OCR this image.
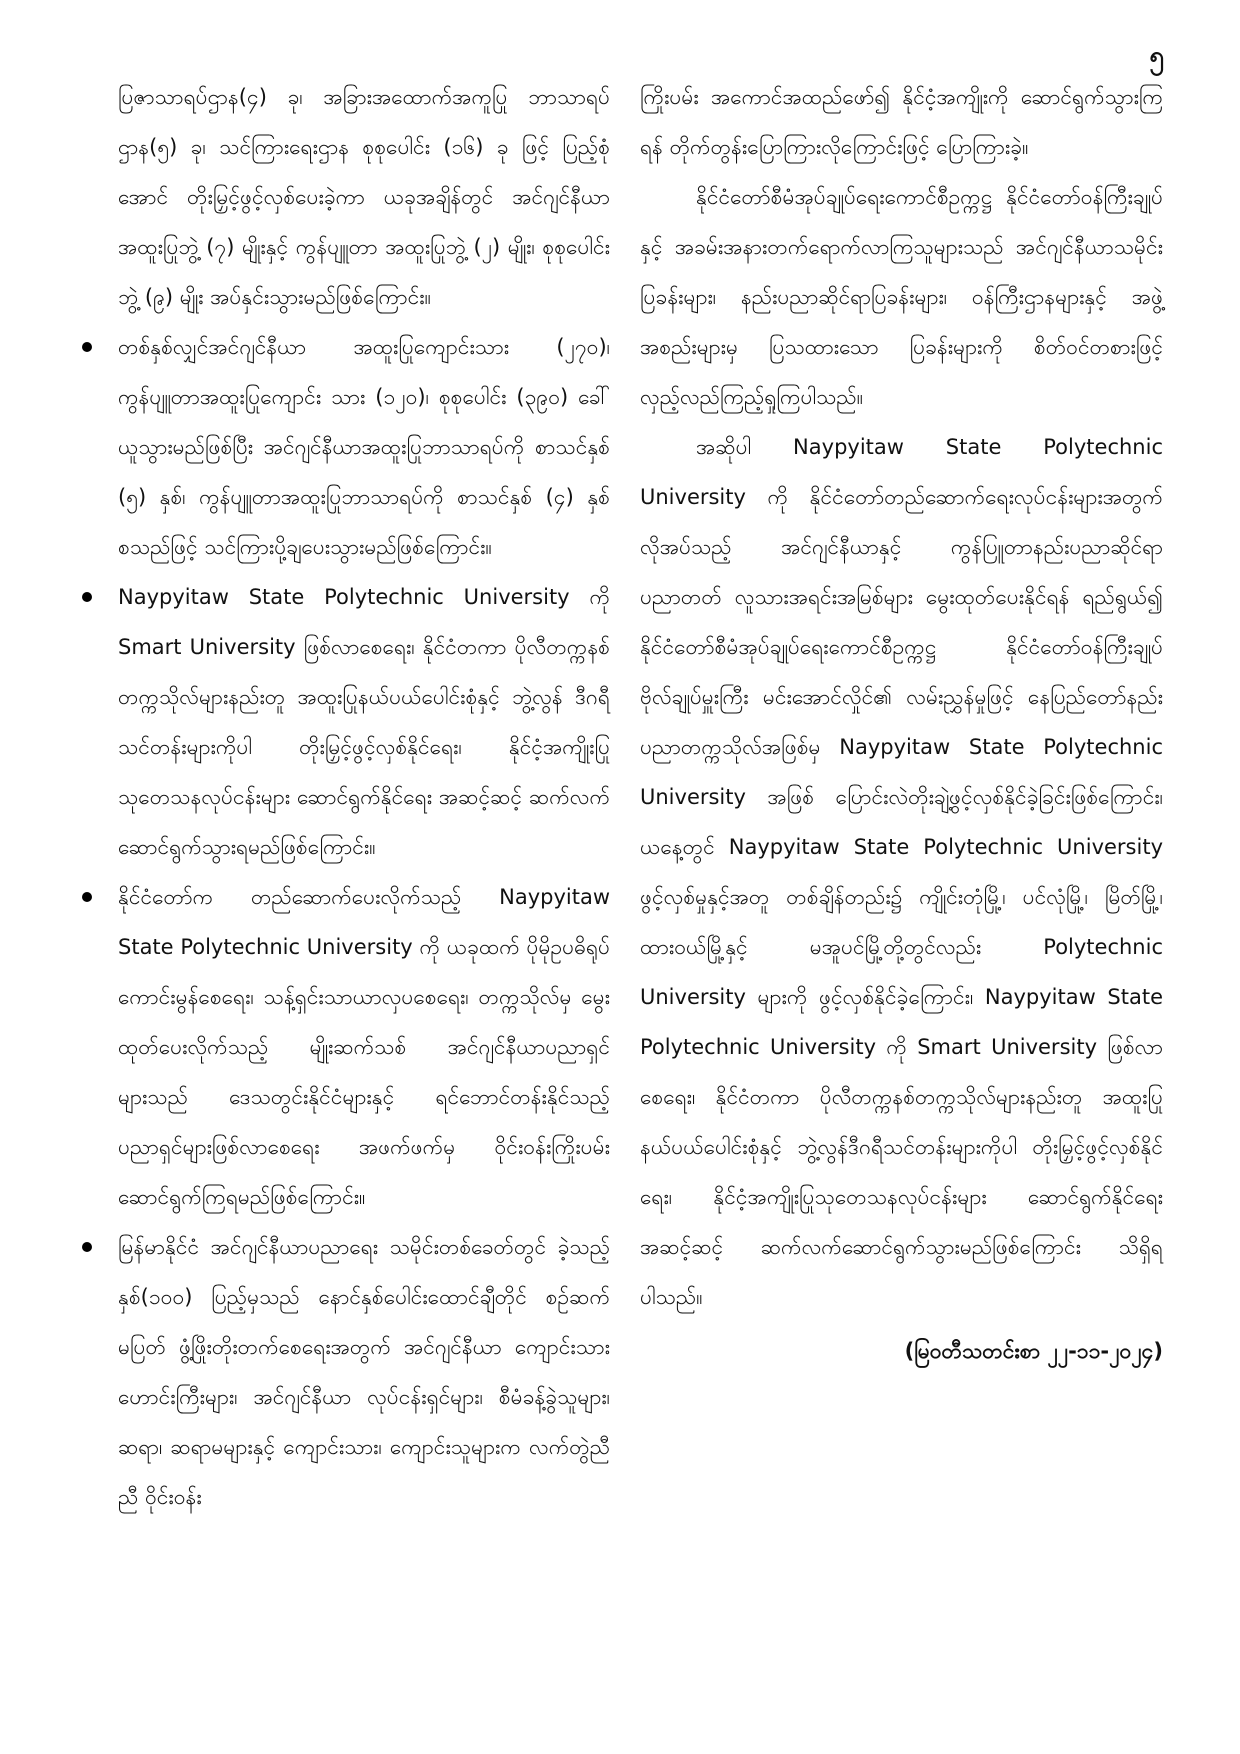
၅

ပြဇာသာရပ်ဌာန(၄) ခု၊ အခြားအထောက်အကူပြု ဘာသာရပ် ဌာန(၅) ခု၊ သင်ကြားရေးဌာန စုစုပေါင်း (၁၆) ခု ဖြင့် ပြည့်စုံအောင် တိုးမြှင့်ဖွင့်လှစ်ပေးခဲ့ကာ ယခုအချိန်တွင် အင်ဂျင်နီယာ အထူးပြုဘွဲ့ (၇) မျိုးနှင့် ကွန်ပျူတာ အထူးပြုဘွဲ့ (၂) မျိုး၊ စုစုပေါင်းဘွဲ့ (၉) မျိုး အပ်နှင်းသွားမည်ဖြစ်ကြောင်း။

တစ်နှစ်လျှင်အင်ဂျင်နီယာ အထူးပြုကျောင်းသား (၂၇၀)၊ ကွန်ပျူတာအထူးပြုကျောင်း သား (၁၂၀)၊ စုစုပေါင်း (၃၉၀) ခေါ်ယူသွားမည်ဖြစ်ပြီး အင်ဂျင်နီယာအထူးပြုဘာသာရပ်ကို စာသင်နှစ် (၅) နှစ်၊ ကွန်ပျူတာအထူးပြုဘာသာရပ်ကို စာသင်နှစ် (၄) နှစ် စသည်ဖြင့် သင်ကြားပို့ချပေးသွားမည်ဖြစ်ကြောင်း။
Naypyitaw State Polytechnic University ကို Smart University ဖြစ်လာစေရေး၊ နိုင်ငံတကာ ပိုလီတက္ကနစ်တက္ကသိုလ်များနည်းတူ အထူးပြုနယ်ပယ်ပေါင်းစုံနှင့် ဘွဲ့လွန် ဒီဂရီသင်တန်းများကိုပါ တိုးမြှင့်ဖွင့်လှစ်နိုင်ရေး၊ နိုင်ငံ့အကျိုးပြုသုတေသနလုပ်ငန်းများ ဆောင်ရွက်နိုင်ရေး အဆင့်ဆင့် ဆက်လက်ဆောင်ရွက်သွားရမည်ဖြစ်ကြောင်း။
နိုင်ငံတော်က တည်ဆောက်ပေးလိုက်သည့် Naypyitaw State Polytechnic University ကို ယခုထက် ပိုမိုဥပဓိရုပ်ကောင်းမွန်စေရေး၊ သန့်ရှင်းသာယာလှပစေရေး၊ တက္ကသိုလ်မှ မွေးထုတ်ပေးလိုက်သည့် မျိုးဆက်သစ် အင်ဂျင်နီယာပညာရှင်များသည် ဒေသတွင်းနိုင်ငံများနှင့် ရင်ဘောင်တန်းနိုင်သည့် ပညာရှင်များဖြစ်လာစေရေး အဖက်ဖက်မှ ဝိုင်းဝန်းကြိုးပမ်းဆောင်ရွက်ကြရမည်ဖြစ်ကြောင်း။
မြန်မာနိုင်ငံ အင်ဂျင်နီယာပညာရေး သမိုင်းတစ်ခေတ်တွင် ခဲ့သည့် နှစ်(၁၀၀) ပြည့်မှသည် နောင်နှစ်ပေါင်းထောင်ချီတိုင် စဉ်ဆက်မပြတ် ဖွံ့ဖြိုးတိုးတက်စေရေးအတွက် အင်ဂျင်နီယာ ကျောင်းသားဟောင်းကြီးများ၊ အင်ဂျင်နီယာ လုပ်ငန်းရှင်များ၊ စီမံခန့်ခွဲသူများ၊ ဆရာ၊ ဆရာမများနှင့် ကျောင်းသား၊ ကျောင်းသူများက လက်တွဲညီညီ ဝိုင်းဝန်း

ကြိုးပမ်း အကောင်အထည်ဖော်၍ နိုင်ငံ့အကျိုးကို ဆောင်ရွက်သွားကြရန် တိုက်တွန်းပြောကြားလိုကြောင်းဖြင့် ပြောကြားခဲ့။

နိုင်ငံတော်စီမံအုပ်ချုပ်ရေးကောင်စီဥက္ကဋ္ဌ နိုင်ငံတော်ဝန်ကြီးချုပ်နှင့် အခမ်းအနားတက်ရောက်လာကြသူများသည် အင်ဂျင်နီယာသမိုင်းပြခန်းများ၊ နည်းပညာဆိုင်ရာပြခန်းများ၊ ဝန်ကြီးဌာနများနှင့် အဖွဲ့အစည်းများမှ ပြသထားသော ပြခန်းများကို စိတ်ဝင်တစားဖြင့် လှည့်လည်ကြည့်ရှုကြပါသည်။

အဆိုပါ Naypyitaw State Polytechnic University ကို နိုင်ငံတော်တည်ဆောက်ရေးလုပ်ငန်းများအတွက် လိုအပ်သည့် အင်ဂျင်နီယာနှင့် ကွန်ပြူတာနည်းပညာဆိုင်ရာ ပညာတတ် လူသားအရင်းအမြစ်များ မွေးထုတ်ပေးနိုင်ရန် ရည်ရွယ်၍ နိုင်ငံတော်စီမံအုပ်ချုပ်ရေးကောင်စီဥက္ကဋ္ဌ နိုင်ငံတော်ဝန်ကြီးချုပ် ဗိုလ်ချုပ်မှူးကြီး မင်းအောင်လှိုင်၏ လမ်းညွှန်မှုဖြင့် နေပြည်တော်နည်းပညာတက္ကသိုလ်အဖြစ်မှ Naypyitaw State Polytechnic University အဖြစ် ပြောင်းလဲတိုးချဲ့ဖွင့်လှစ်နိုင်ခဲ့ခြင်းဖြစ်ကြောင်း၊ ယနေ့တွင် Naypyitaw State Polytechnic University ဖွင့်လှစ်မှုနှင့်အတူ တစ်ချိန်တည်း၌ ကျိုင်းတုံမြို့၊ ပင်လုံမြို့၊ မြိတ်မြို့၊ ထားဝယ်မြို့နှင့် မအူပင်မြို့တို့တွင်လည်း Polytechnic University များကို ဖွင့်လှစ်နိုင်ခဲ့ကြောင်း၊ Naypyitaw State Polytechnic University ကို Smart University ဖြစ်လာစေရေး၊ နိုင်ငံတကာ ပိုလီတက္ကနစ်တက္ကသိုလ်များနည်းတူ အထူးပြုနယ်ပယ်ပေါင်းစုံနှင့် ဘွဲ့လွန်ဒီဂရီသင်တန်းများကိုပါ တိုးမြှင့်ဖွင့်လှစ်နိုင်ရေး၊ နိုင်ငံ့အကျိုးပြုသုတေသနလုပ်ငန်းများ ဆောင်ရွက်နိုင်ရေး အဆင့်ဆင့် ဆက်လက်ဆောင်ရွက်သွားမည်ဖြစ်ကြောင်း သိရှိရပါသည်။

(မြဝတီသတင်းစာ ၂၂-၁၁-၂၀၂၄)
